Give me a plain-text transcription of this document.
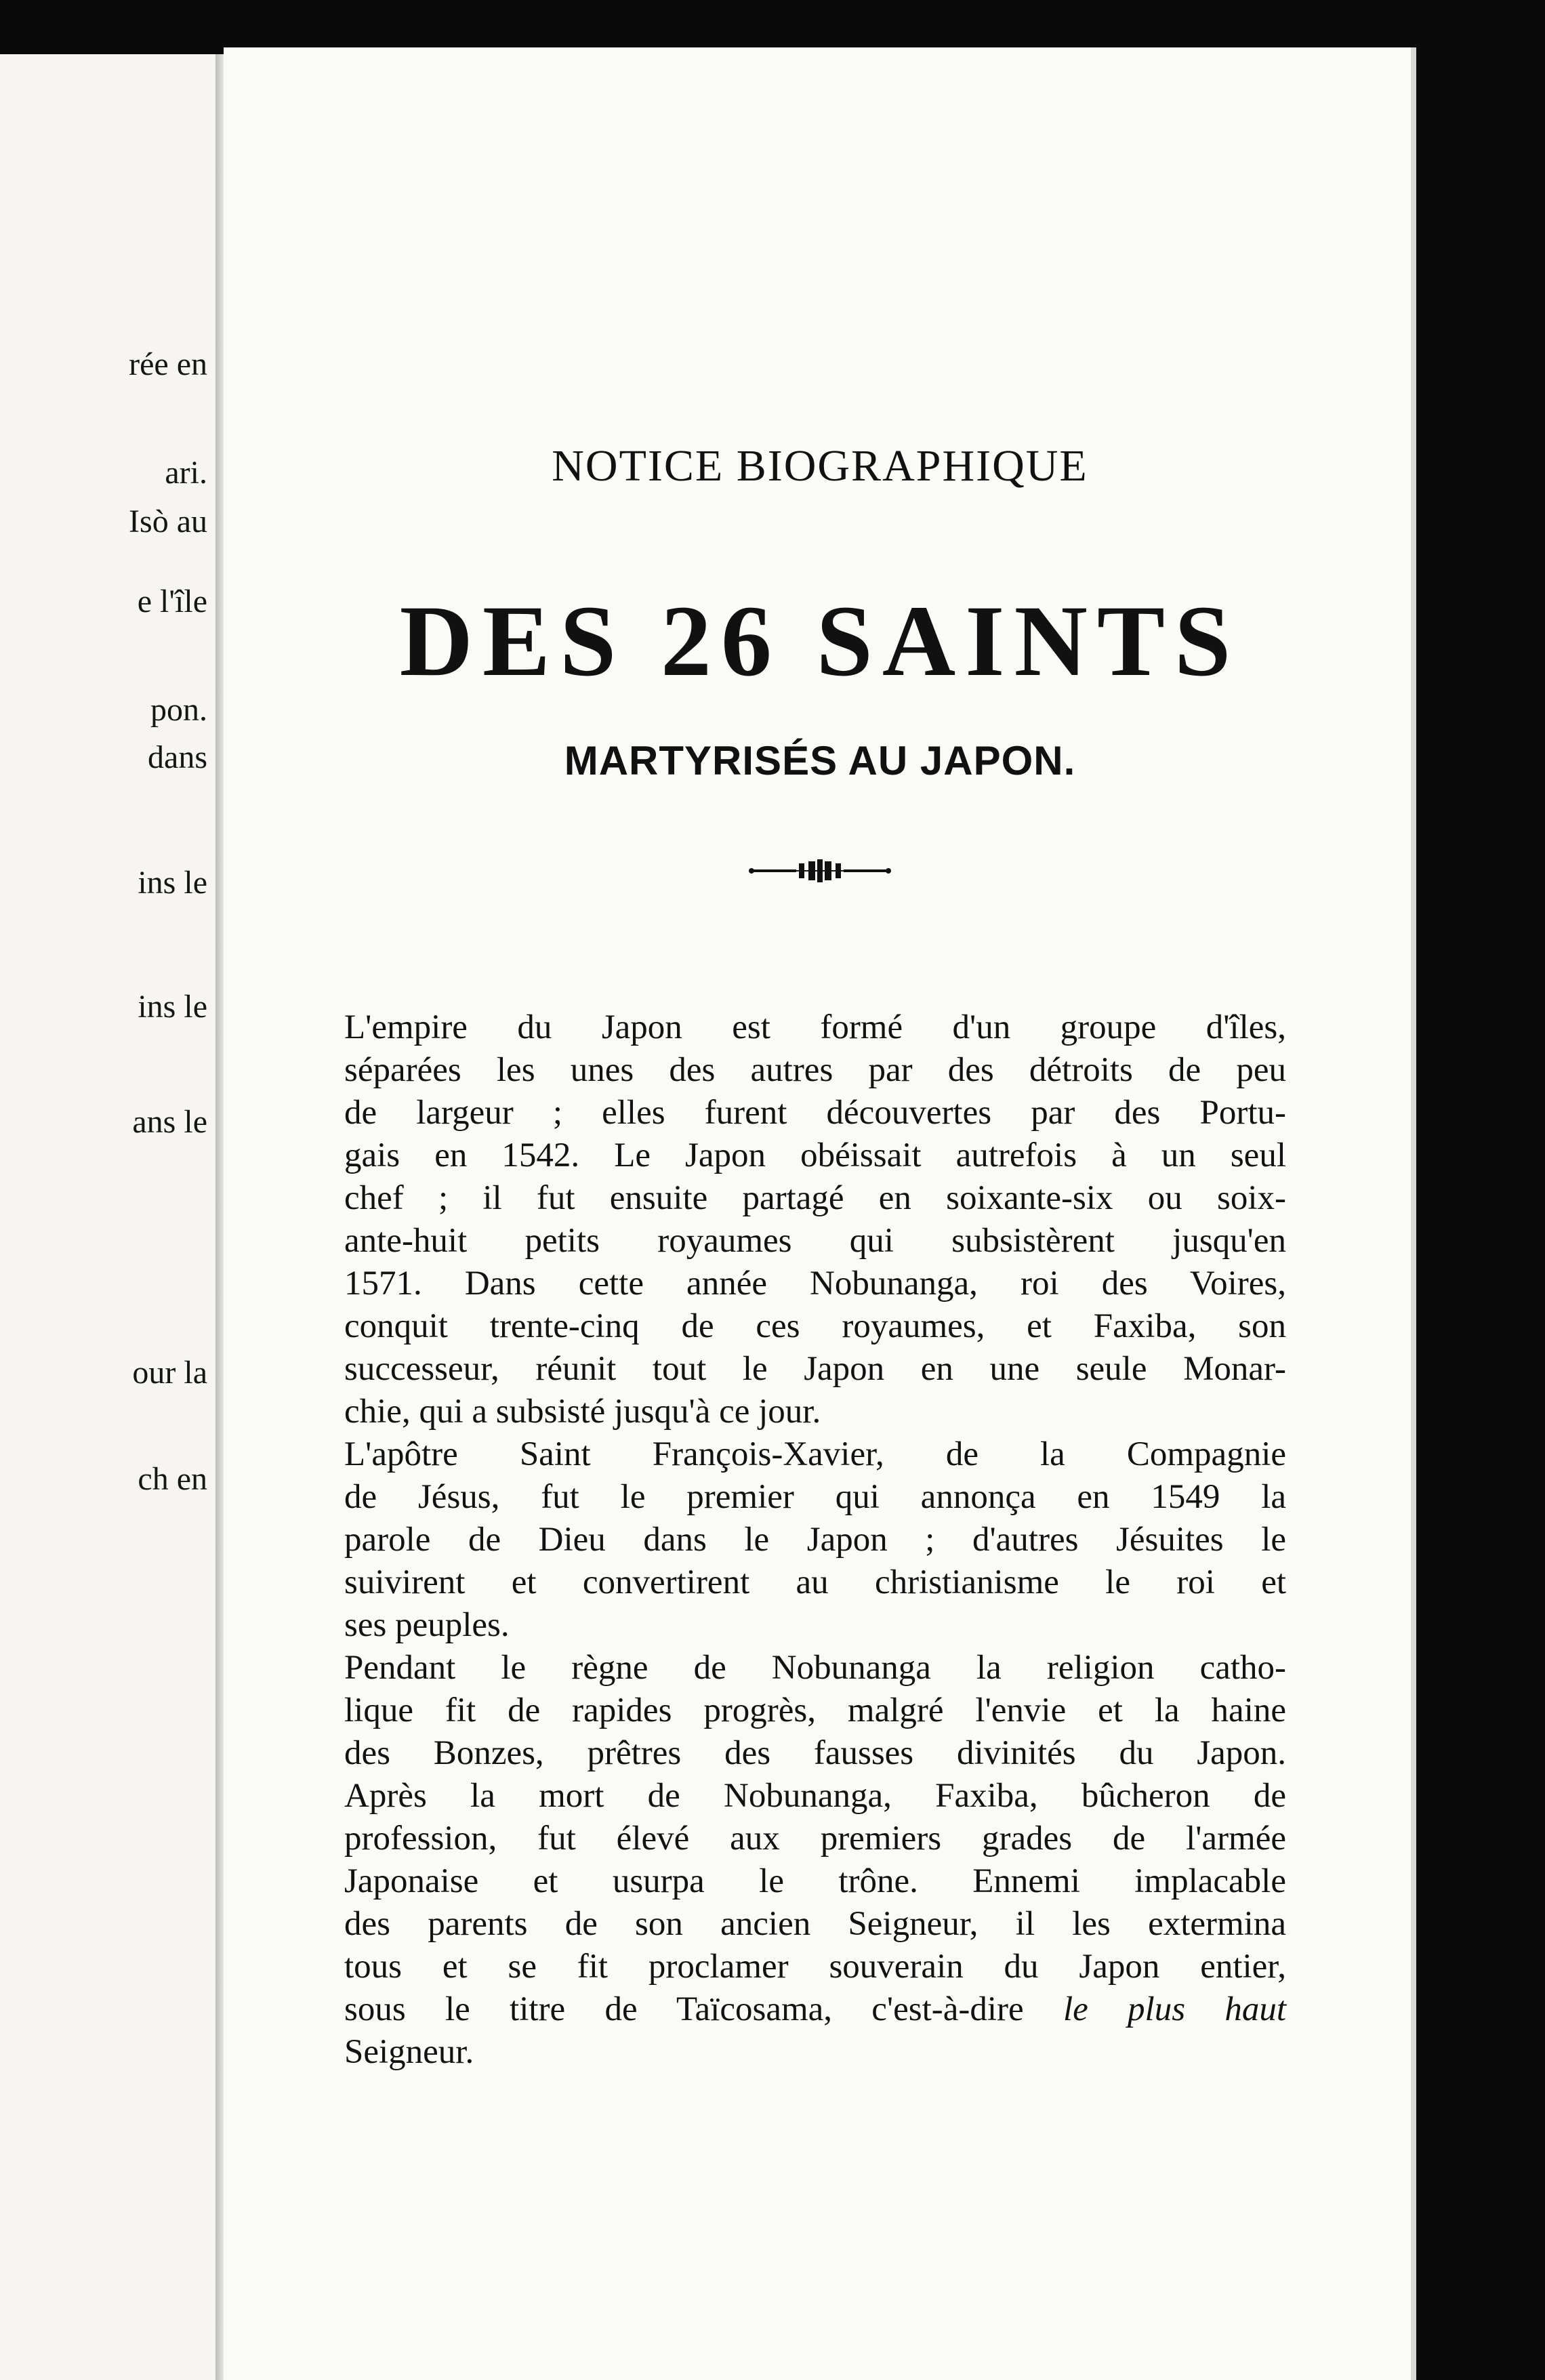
rée en
ari.
Isò au
e l'île
pon.
dans
ins le
ins le
ans le
our la
ch en
NOTICE BIOGRAPHIQUE
DES 26 SAINTS
MARTYRISÉS AU JAPON.
L'empire du Japon est formé d'un groupe d'îles,
séparées les unes des autres par des détroits de peu
de largeur ; elles furent découvertes par des Portu-
gais en 1542. Le Japon obéissait autrefois à un seul
chef ; il fut ensuite partagé en soixante-six ou soix-
ante-huit petits royaumes qui subsistèrent jusqu'en
1571. Dans cette année Nobunanga, roi des Voires,
conquit trente-cinq de ces royaumes, et Faxiba, son
successeur, réunit tout le Japon en une seule Monar-
chie, qui a subsisté jusqu'à ce jour.
L'apôtre Saint François-Xavier, de la Compagnie
de Jésus, fut le premier qui annonça en 1549 la
parole de Dieu dans le Japon ; d'autres Jésuites le
suivirent et convertirent au christianisme le roi et
ses peuples.
Pendant le règne de Nobunanga la religion catho-
lique fit de rapides progrès, malgré l'envie et la haine
des Bonzes, prêtres des fausses divinités du Japon.
Après la mort de Nobunanga, Faxiba, bûcheron de
profession, fut élevé aux premiers grades de l'armée
Japonaise et usurpa le trône. Ennemi implacable
des parents de son ancien Seigneur, il les extermina
tous et se fit proclamer souverain du Japon entier,
sous le titre de Taïcosama, c'est-à-dire le plus haut
Seigneur.
